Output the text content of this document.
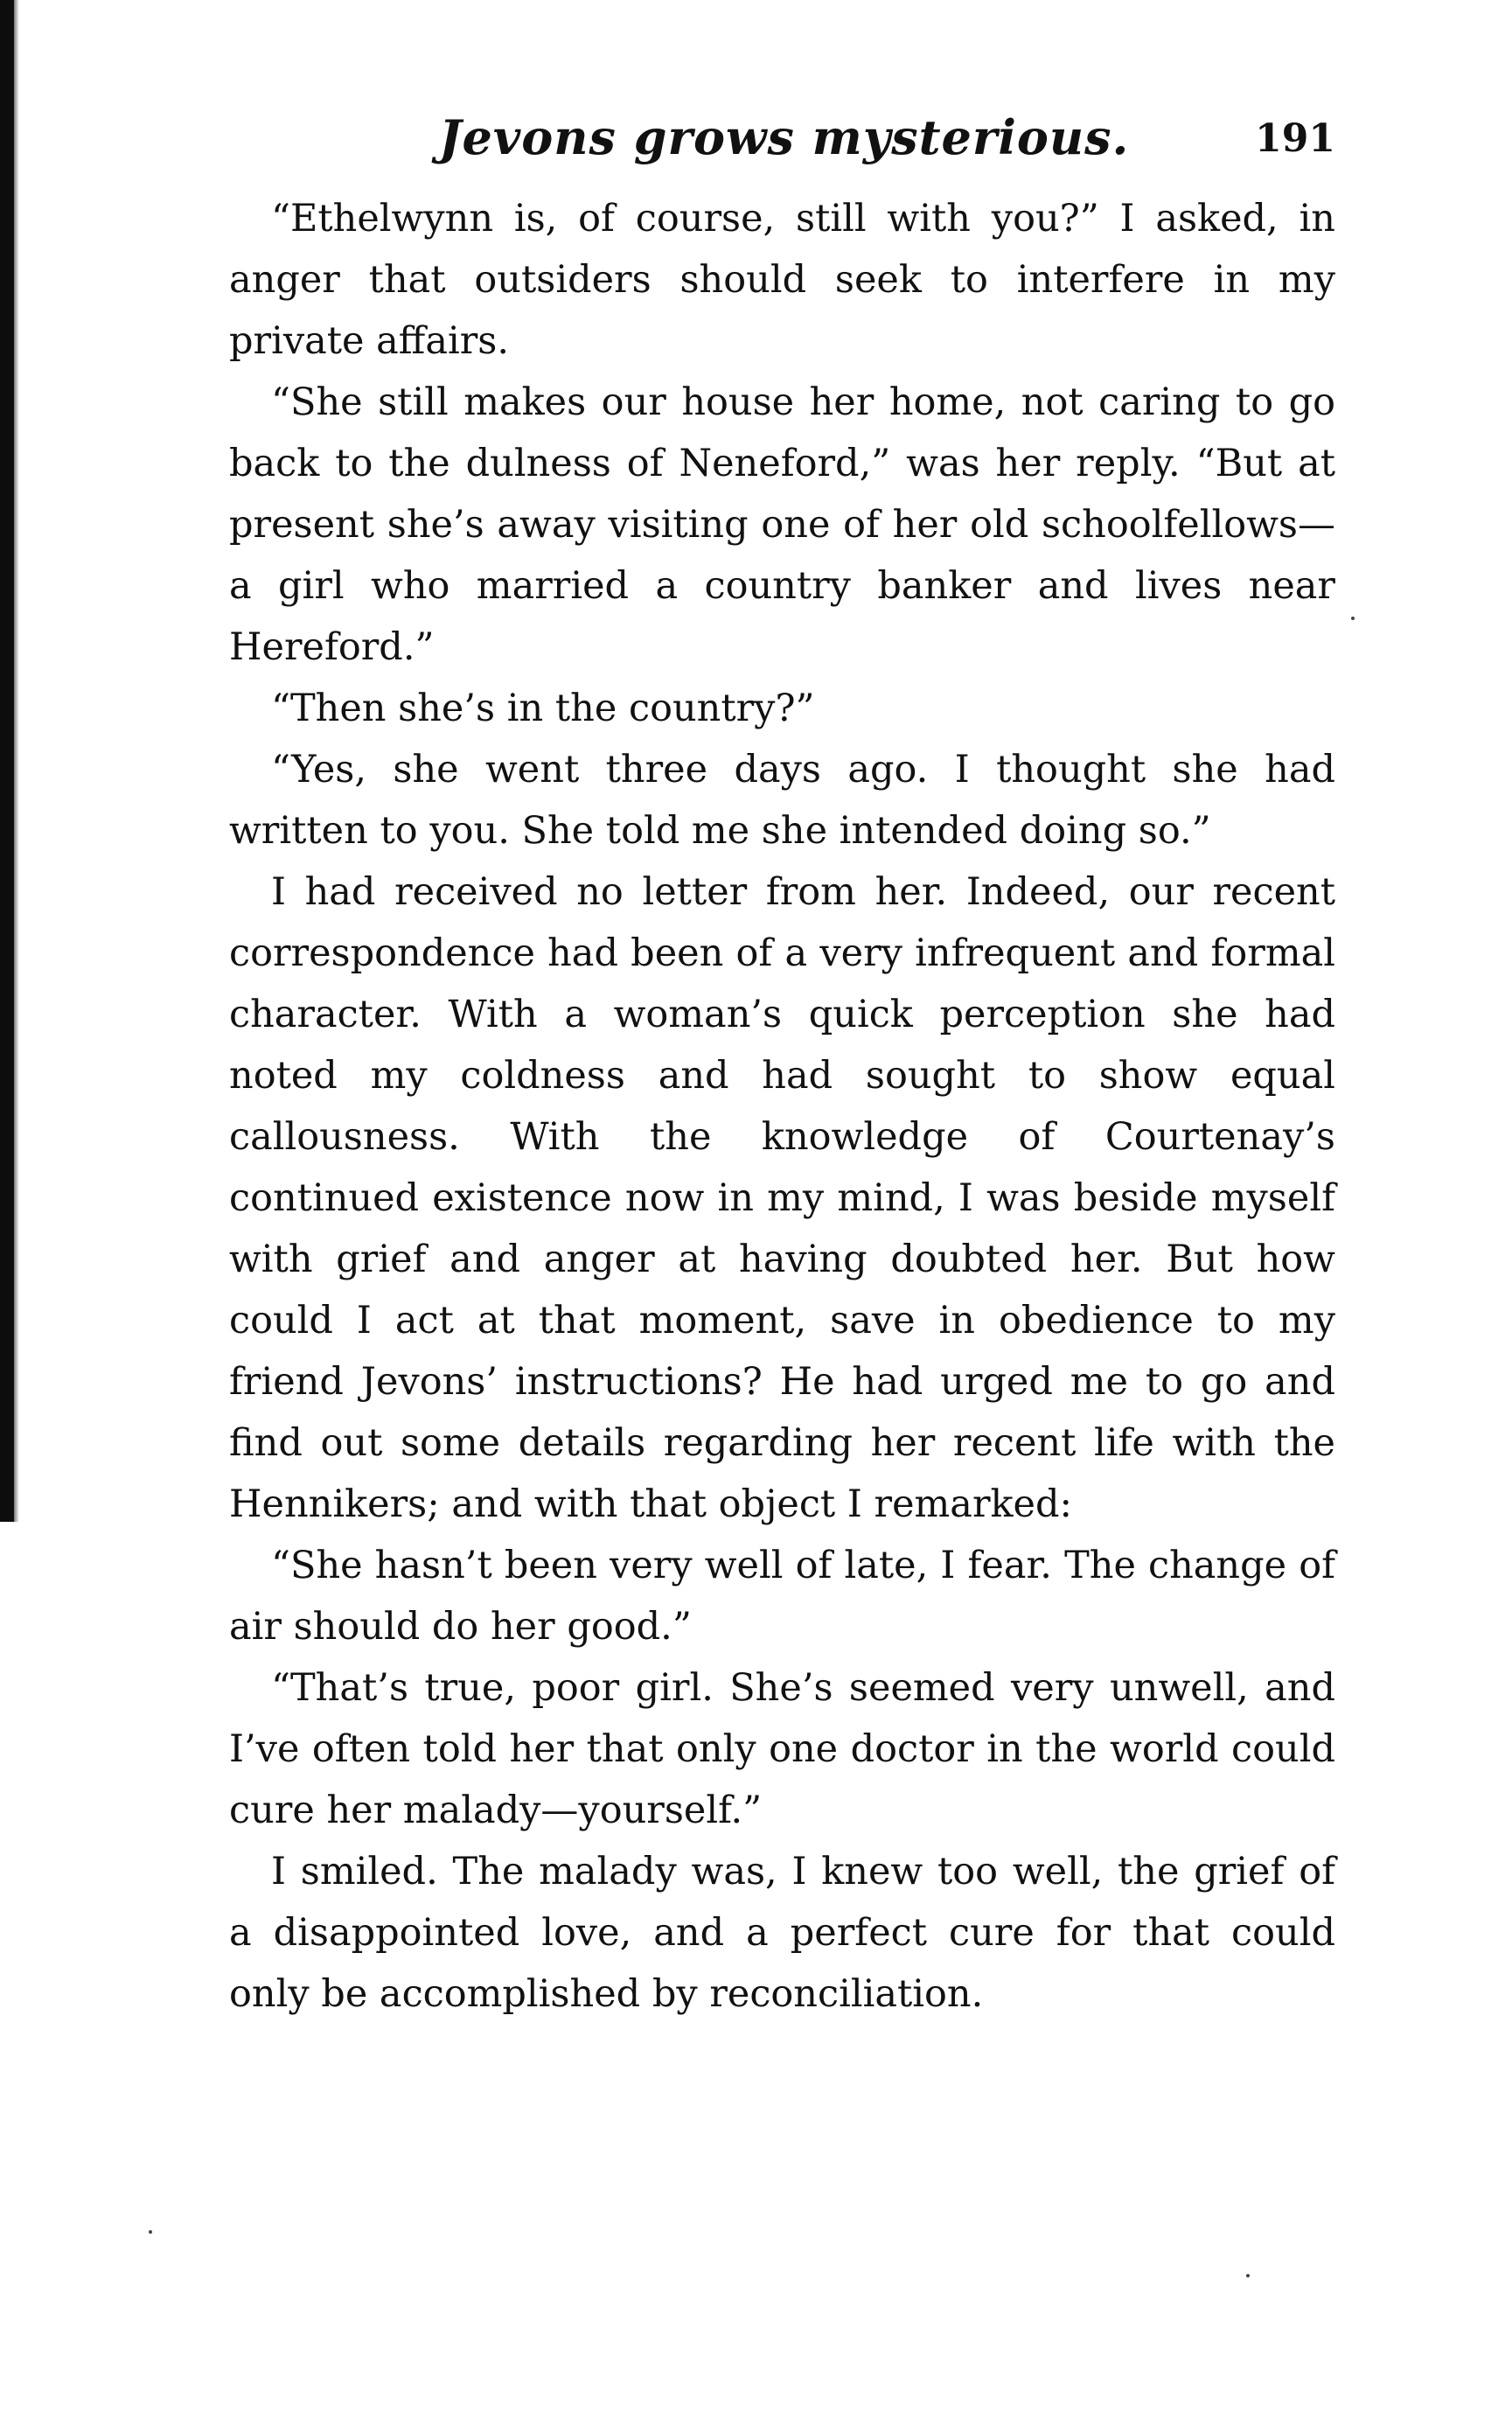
Jevons grows mysterious.	191

“Ethelwynn is, of course, still with you?” I asked, in anger that outsiders should seek to interfere in my private affairs.

“She still makes our house her home, not caring to go back to the dulness of Neneford,” was her reply. “But at present she’s away visiting one of her old schoolfellows—a girl who married a country banker and lives near Hereford.”

“Then she’s in the country?”

“Yes, she went three days ago. I thought she had written to you. She told me she intended doing so.”

I had received no letter from her. Indeed, our recent correspondence had been of a very infrequent and formal character. With a woman’s quick perception she had noted my coldness and had sought to show equal callousness. With the knowledge of Courtenay’s continued existence now in my mind, I was beside myself with grief and anger at having doubted her. But how could I act at that moment, save in obedience to my friend Jevons’ instructions? He had urged me to go and find out some details regarding her recent life with the Hennikers; and with that object I remarked:

“She hasn’t been very well of late, I fear. The change of air should do her good.”

“That’s true, poor girl. She’s seemed very unwell, and I’ve often told her that only one doctor in the world could cure her malady—yourself.”

I smiled. The malady was, I knew too well, the grief of a disappointed love, and a perfect cure for that could only be accomplished by reconciliation.
